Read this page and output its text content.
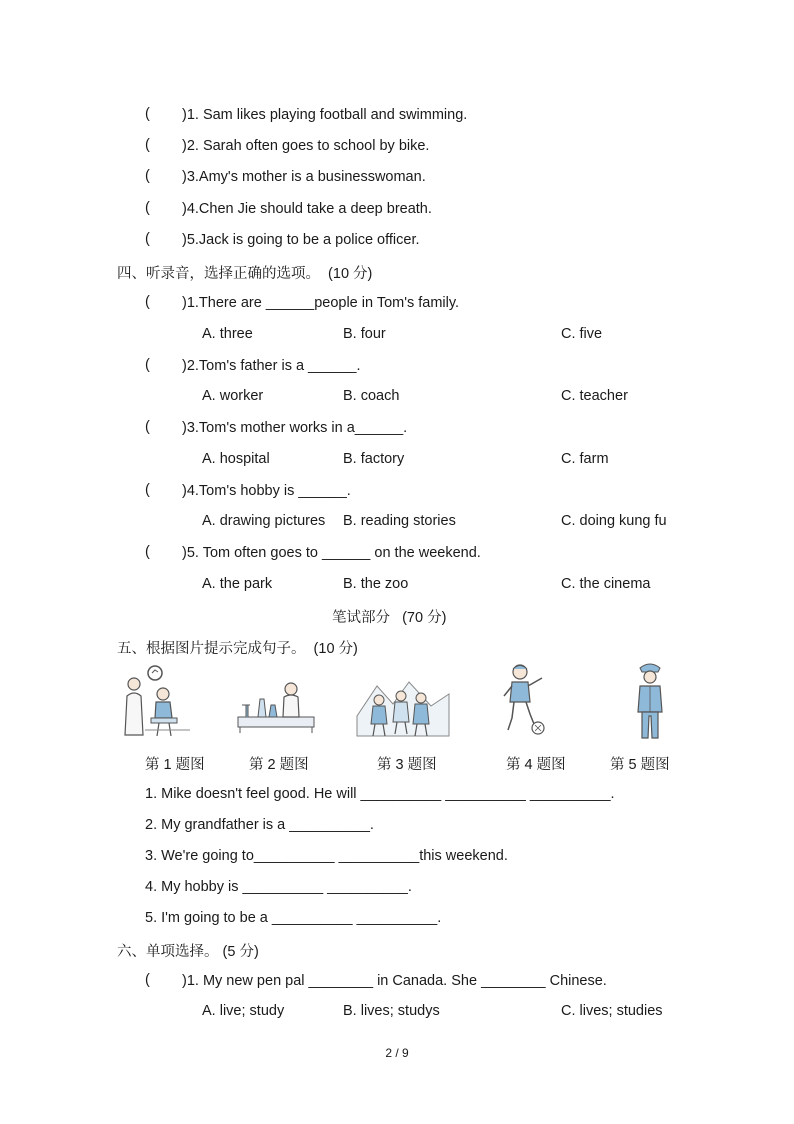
( )1. Sam likes playing football and swimming.
( )2. Sarah often goes to school by bike.
( )3.Amy's mother is a businesswoman.
( )4.Chen Jie should take a deep breath.
( )5.Jack is going to be a police officer.
四、听录音，选择正确的选项。  (10 分)
( )1.There are ______people in Tom's family.
A. three	B. four	C. five
( )2.Tom's father is a ______.
A. worker	B. coach	C. teacher
( )3.Tom's mother works in a______.
A. hospital	B. factory	C. farm
( )4.Tom's hobby is ______.
A. drawing pictures B. reading stories	C. doing kung fu
( )5. Tom often goes to ______ on the weekend.
A. the park	B. the zoo	C. the cinema
笔试部分   (70 分)
五、根据图片提示完成句子。  (10 分)
第 1 题图	第 2 题图	第 3 题图	第 4 题图	第 5 题图
1. Mike doesn't feel good. He will __________ __________ __________.
2. My grandfather is a __________.
3. We're going to__________ __________this weekend.
4. My hobby is __________ __________.
5. I'm going to be a __________ __________.
六、单项选择。 (5 分)
( )1. My new pen pal ________ in Canada. She ________ Chinese.
A. live; study	B. lives; studys	C. lives; studies
2 / 9
